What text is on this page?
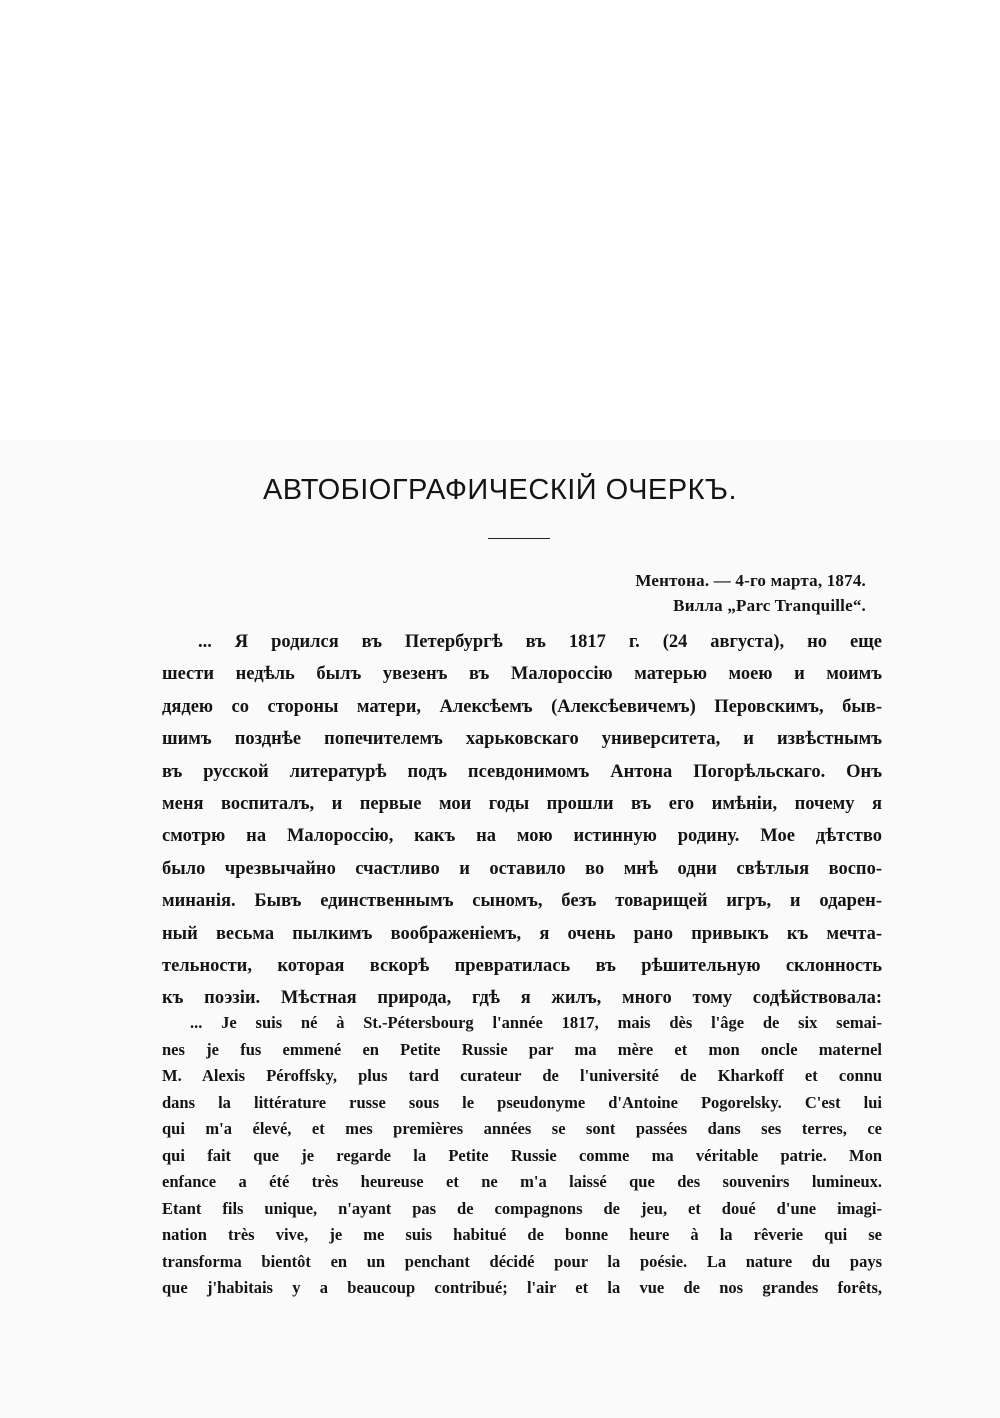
АВТОБІОГРАФИЧЕСКІЙ ОЧЕРКЪ.
Ментона. — 4-го марта, 1874.
Вилла „Parc Tranquille“.

... Я родился въ Петербургѣ въ 1817 г. (24 августа), но еще
шести недѣль былъ увезенъ въ Малороссію матерью моею и моимъ
дядею со стороны матери, Алексѣемъ (Алексѣевичемъ) Перовскимъ, быв-
шимъ позднѣе попечителемъ харьковскаго университета, и извѣстнымъ
въ русской литературѣ подъ псевдонимомъ Антона Погорѣльскаго. Онъ
меня воспиталъ, и первые мои годы прошли въ его имѣніи, почему я
смотрю на Малороссію, какъ на мою истинную родину. Мое дѣтство
было чрезвычайно счастливо и оставило во мнѣ одни свѣтлыя воспо-
минанія. Бывъ единственнымъ сыномъ, безъ товарищей игръ, и одарен-
ный весьма пылкимъ воображеніемъ, я очень рано привыкъ къ мечта-
тельности, которая вскорѣ превратилась въ рѣшительную склонность
къ поэзіи. Мѣстная природа, гдѣ я жилъ, много тому содѣйствовала:

... Je suis né à St.-Pétersbourg l'année 1817, mais dès l'âge de six semai-
nes je fus emmené en Petite Russie par ma mère et mon oncle maternel
M. Alexis Péroffsky, plus tard curateur de l'université de Kharkoff et connu
dans la littérature russe sous le pseudonyme d'Antoine Pogorelsky. C'est lui
qui m'a élevé, et mes premières années se sont passées dans ses terres, ce
qui fait que je regarde la Petite Russie comme ma véritable patrie. Mon
enfance a été très heureuse et ne m'a laissé que des souvenirs lumineux.
Etant fils unique, n'ayant pas de compagnons de jeu, et doué d'une imagi-
nation très vive, je me suis habitué de bonne heure à la rêverie qui se
transforma bientôt en un penchant décidé pour la poésie. La nature du pays
que j'habitais y a beaucoup contribué; l'air et la vue de nos grandes forêts,
